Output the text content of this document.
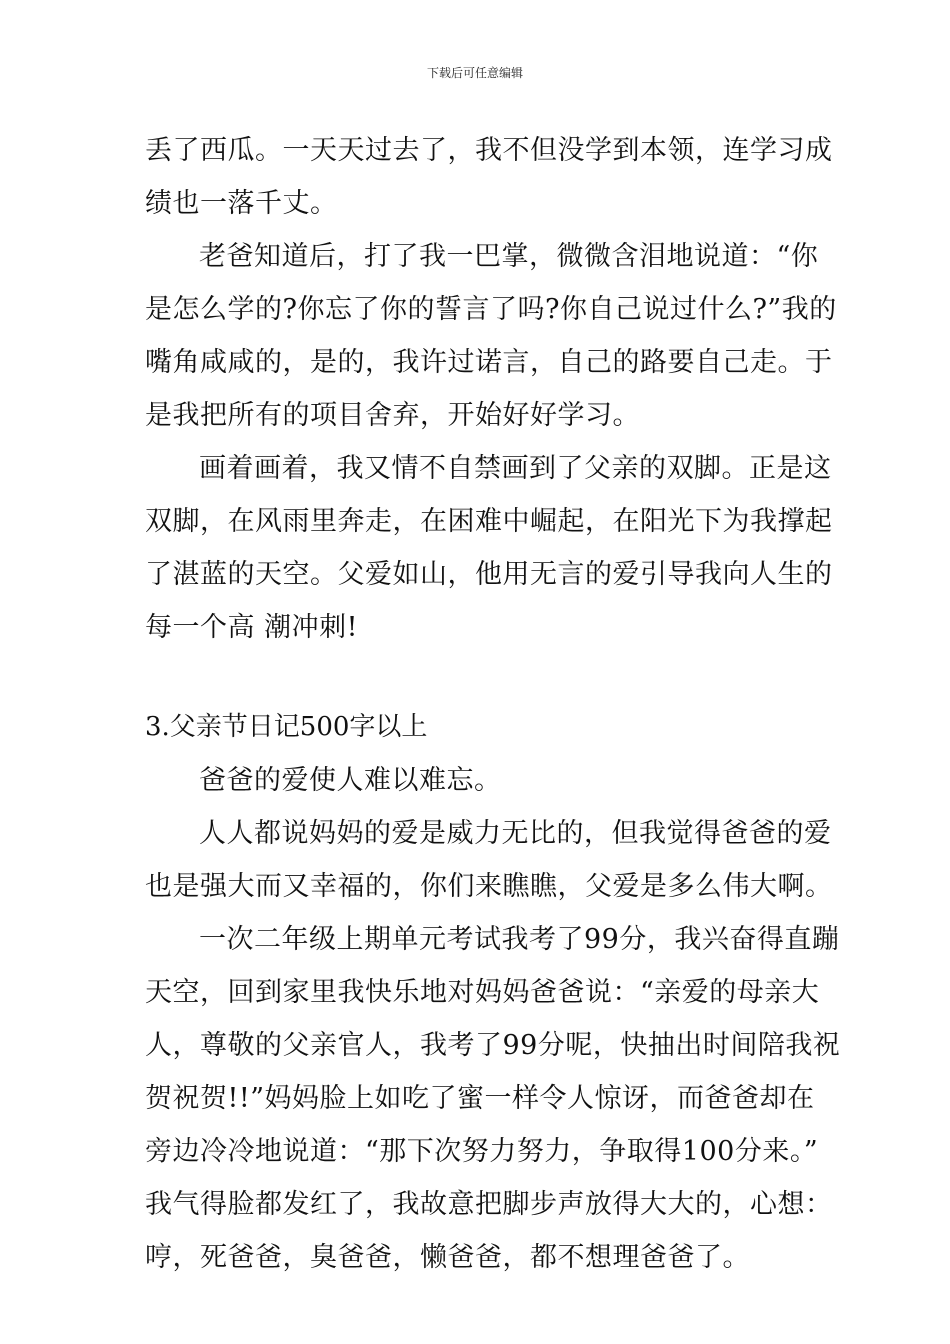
下载后可任意编辑
丢了西瓜。一天天过去了，我不但没学到本领，连学习成
绩也一落千丈。
老爸知道后，打了我一巴掌，微微含泪地说道：“你
是怎么学的?你忘了你的誓言了吗?你自己说过什么?”我的
嘴角咸咸的，是的，我许过诺言，自己的路要自己走。于
是我把所有的项目舍弃，开始好好学习。
画着画着，我又情不自禁画到了父亲的双脚。正是这
双脚，在风雨里奔走，在困难中崛起，在阳光下为我撑起
了湛蓝的天空。父爱如山，他用无言的爱引导我向人生的
每一个高 潮冲刺!
3.父亲节日记500字以上
爸爸的爱使人难以难忘。
人人都说妈妈的爱是威力无比的，但我觉得爸爸的爱
也是强大而又幸福的，你们来瞧瞧，父爱是多么伟大啊。
一次二年级上期单元考试我考了99分，我兴奋得直蹦
天空，回到家里我快乐地对妈妈爸爸说：“亲爱的母亲大
人，尊敬的父亲官人，我考了99分呢，快抽出时间陪我祝
贺祝贺!!”妈妈脸上如吃了蜜一样令人惊讶，而爸爸却在
旁边冷冷地说道：“那下次努力努力，争取得100分来。”
我气得脸都发红了，我故意把脚步声放得大大的，心想：
哼，死爸爸，臭爸爸，懒爸爸，都不想理爸爸了。
